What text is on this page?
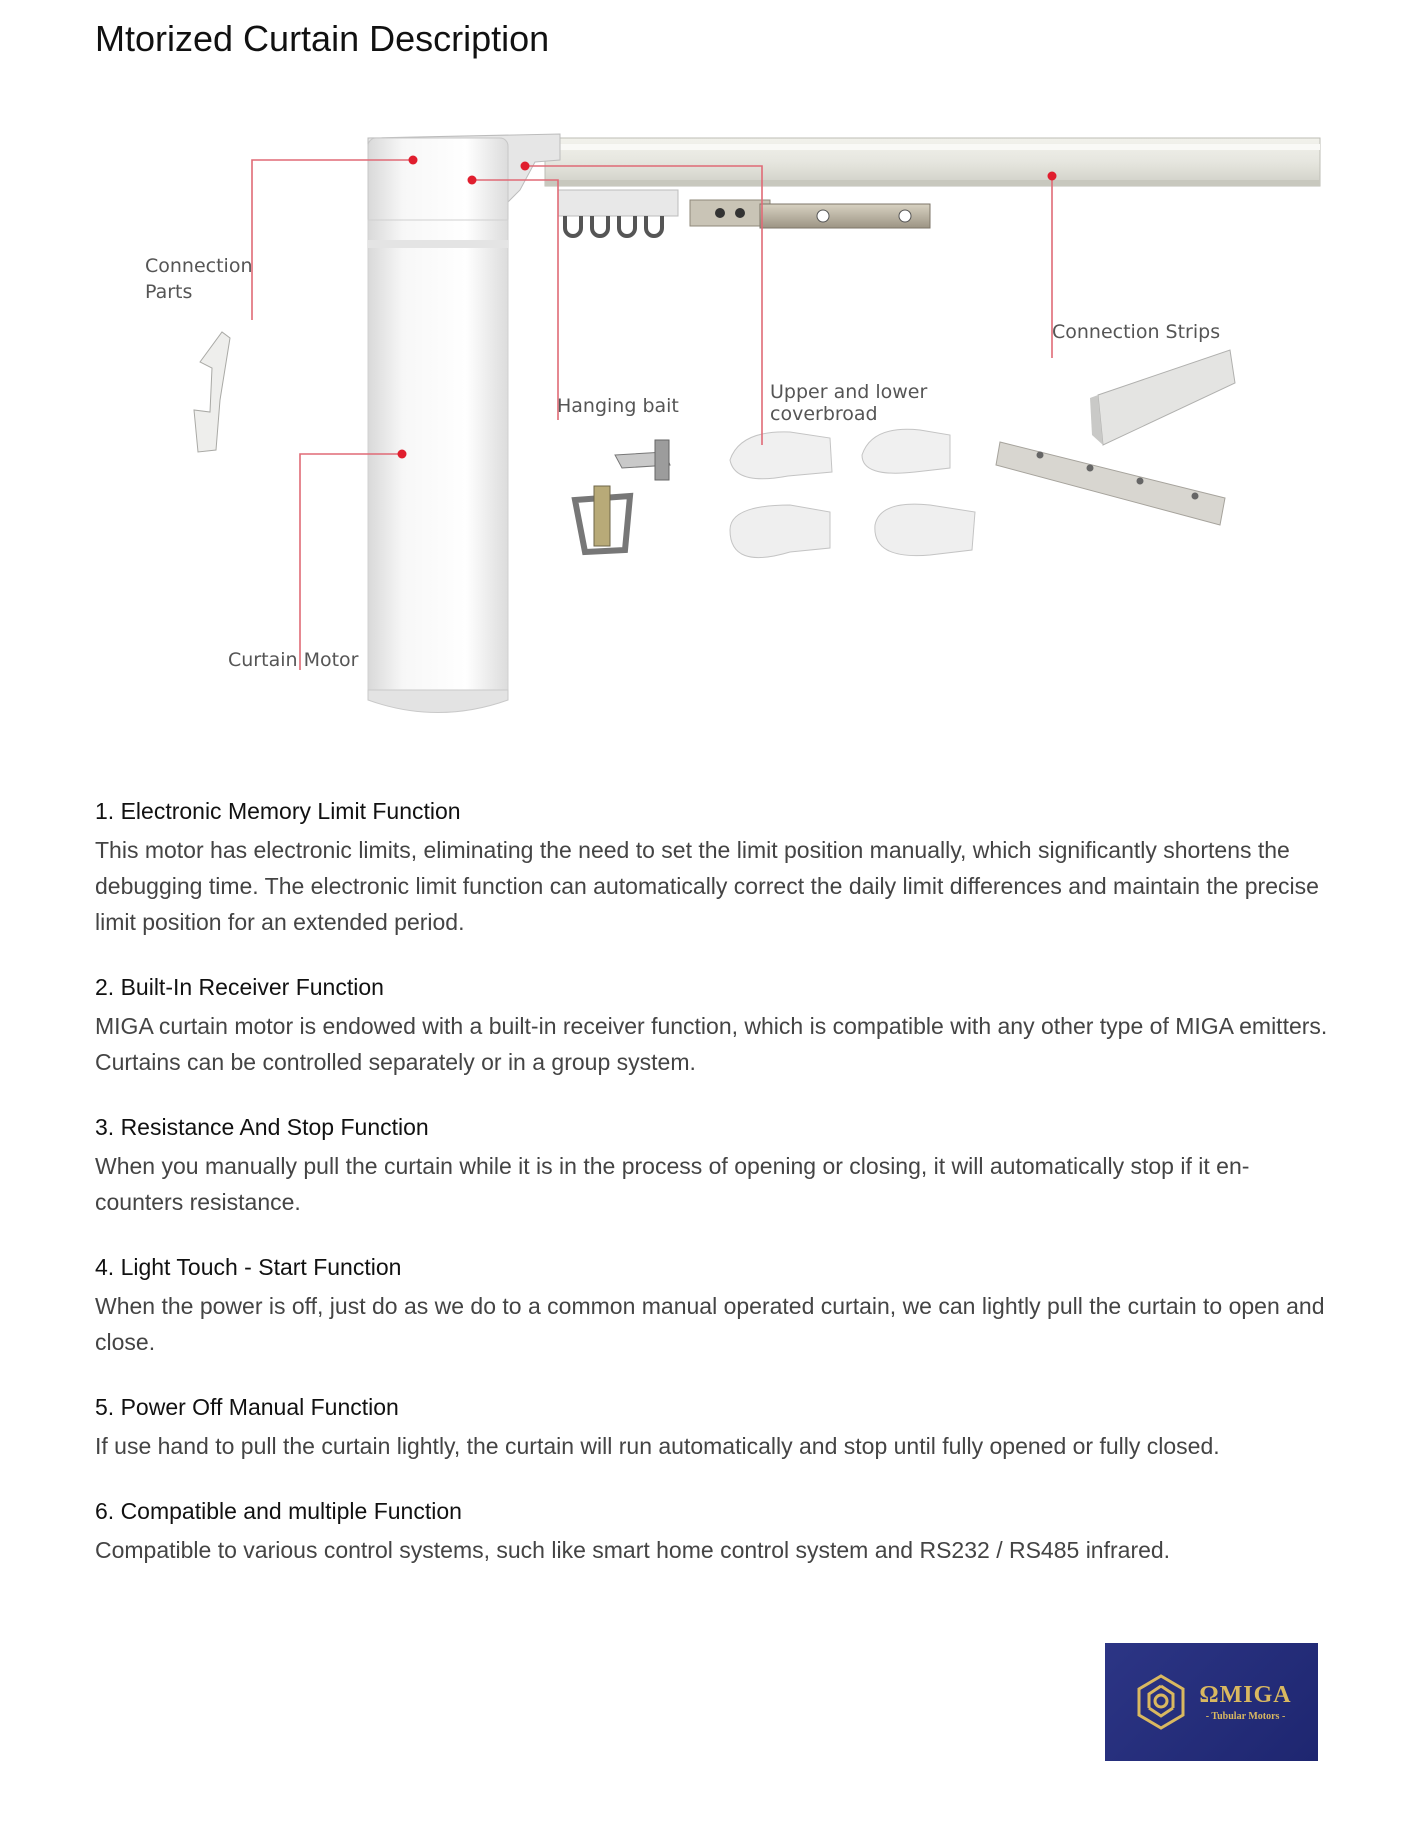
Mtorized Curtain Description
Connection
Parts
Curtain Motor
Hanging bait
Upper and lower
coverbroad
Connection Strips
1. Electronic Memory Limit Function

This motor has electronic limits, eliminating the need to set the limit position manually, which significantly shortens the debugging time. The electronic limit function can automatically correct the daily limit differences and maintain the precise limit position for an extended period.

2. Built-In Receiver Function

MIGA curtain motor is endowed with a built-in receiver function, which is compatible with any other type of MIGA emitters. Curtains can be controlled separately or in a group system.

3. Resistance And Stop Function

When you manually pull the curtain while it is in the process of opening or closing, it will automatically stop if it en-counters resistance.

4. Light Touch - Start Function

When the power is off, just do as we do to a common manual operated curtain, we can lightly pull the curtain to open and close.

5. Power Off Manual Function

If use hand to pull the curtain lightly, the curtain will run automatically and stop until fully opened or fully closed.

6. Compatible and multiple Function

Compatible to various control systems, such like smart home control system and RS232 / RS485 infrared.

ΩMIGA
- Tubular Motors -
